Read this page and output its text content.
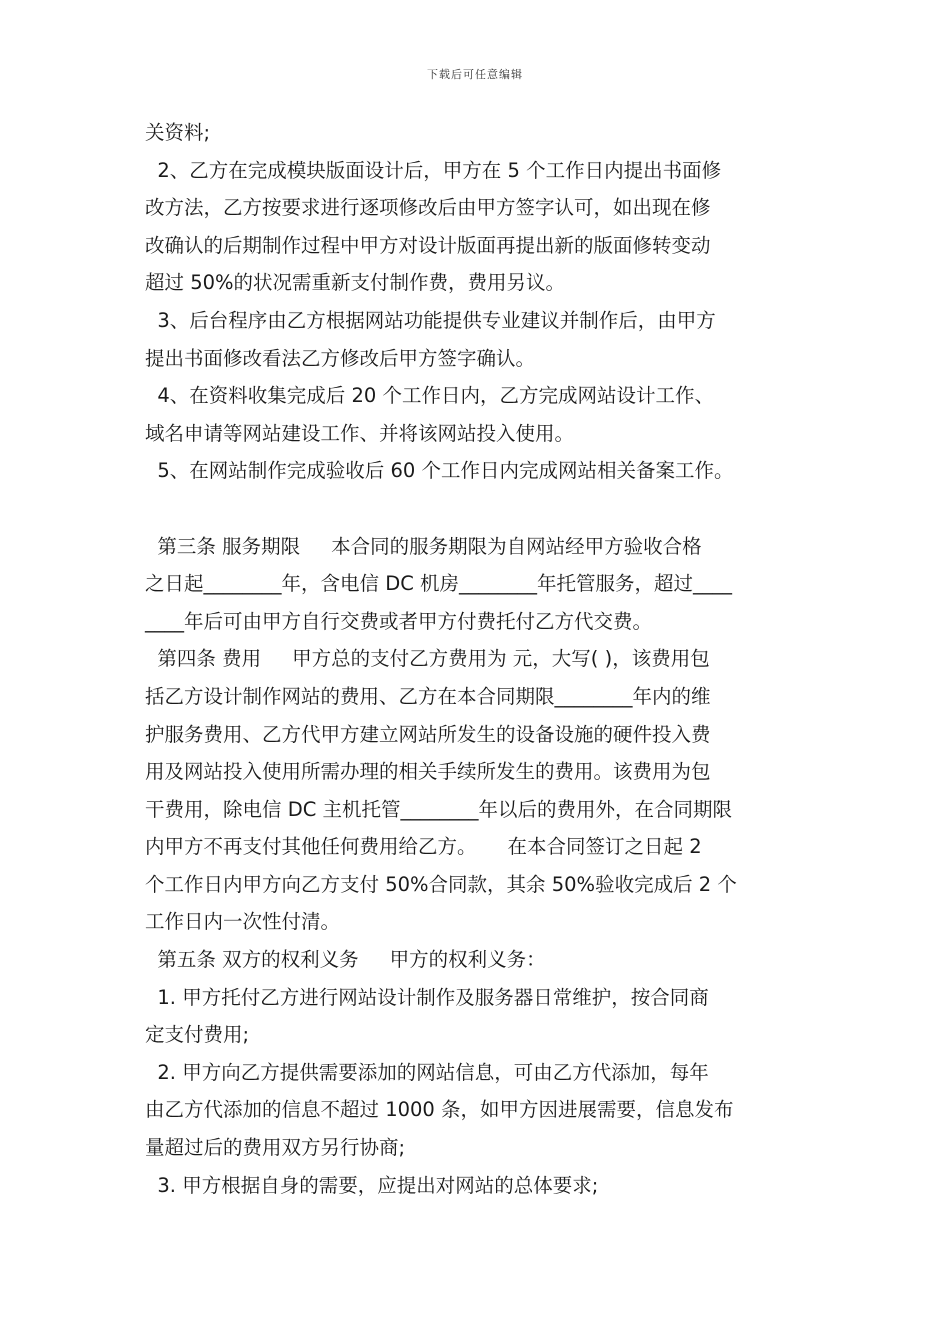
下载后可任意编辑
关资料;
2、乙方在完成模块版面设计后，甲方在 5 个工作日内提出书面修
改方法，乙方按要求进行逐项修改后由甲方签字认可，如出现在修
改确认的后期制作过程中甲方对设计版面再提出新的版面修转变动
超过 50%的状况需重新支付制作费，费用另议。
3、后台程序由乙方根据网站功能提供专业建议并制作后，由甲方
提出书面修改看法乙方修改后甲方签字确认。
4、在资料收集完成后 20 个工作日内，乙方完成网站设计工作、
域名申请等网站建设工作、并将该网站投入使用。
5、在网站制作完成验收后 60 个工作日内完成网站相关备案工作。
第三条 服务期限     本合同的服务期限为自网站经甲方验收合格
之日起________年，含电信 DC 机房________年托管服务，超过____
____年后可由甲方自行交费或者甲方付费托付乙方代交费。
第四条 费用     甲方总的支付乙方费用为 元，大写( )，该费用包
括乙方设计制作网站的费用、乙方在本合同期限________年内的维
护服务费用、乙方代甲方建立网站所发生的设备设施的硬件投入费
用及网站投入使用所需办理的相关手续所发生的费用。该费用为包
干费用，除电信 DC 主机托管________年以后的费用外，在合同期限
内甲方不再支付其他任何费用给乙方。     在本合同签订之日起 2
个工作日内甲方向乙方支付 50%合同款，其余 50%验收完成后 2 个
工作日内一次性付清。
第五条 双方的权利义务     甲方的权利义务：
1. 甲方托付乙方进行网站设计制作及服务器日常维护，按合同商
定支付费用;
2. 甲方向乙方提供需要添加的网站信息，可由乙方代添加，每年
由乙方代添加的信息不超过 1000 条，如甲方因进展需要，信息发布
量超过后的费用双方另行协商;
3. 甲方根据自身的需要，应提出对网站的总体要求;
